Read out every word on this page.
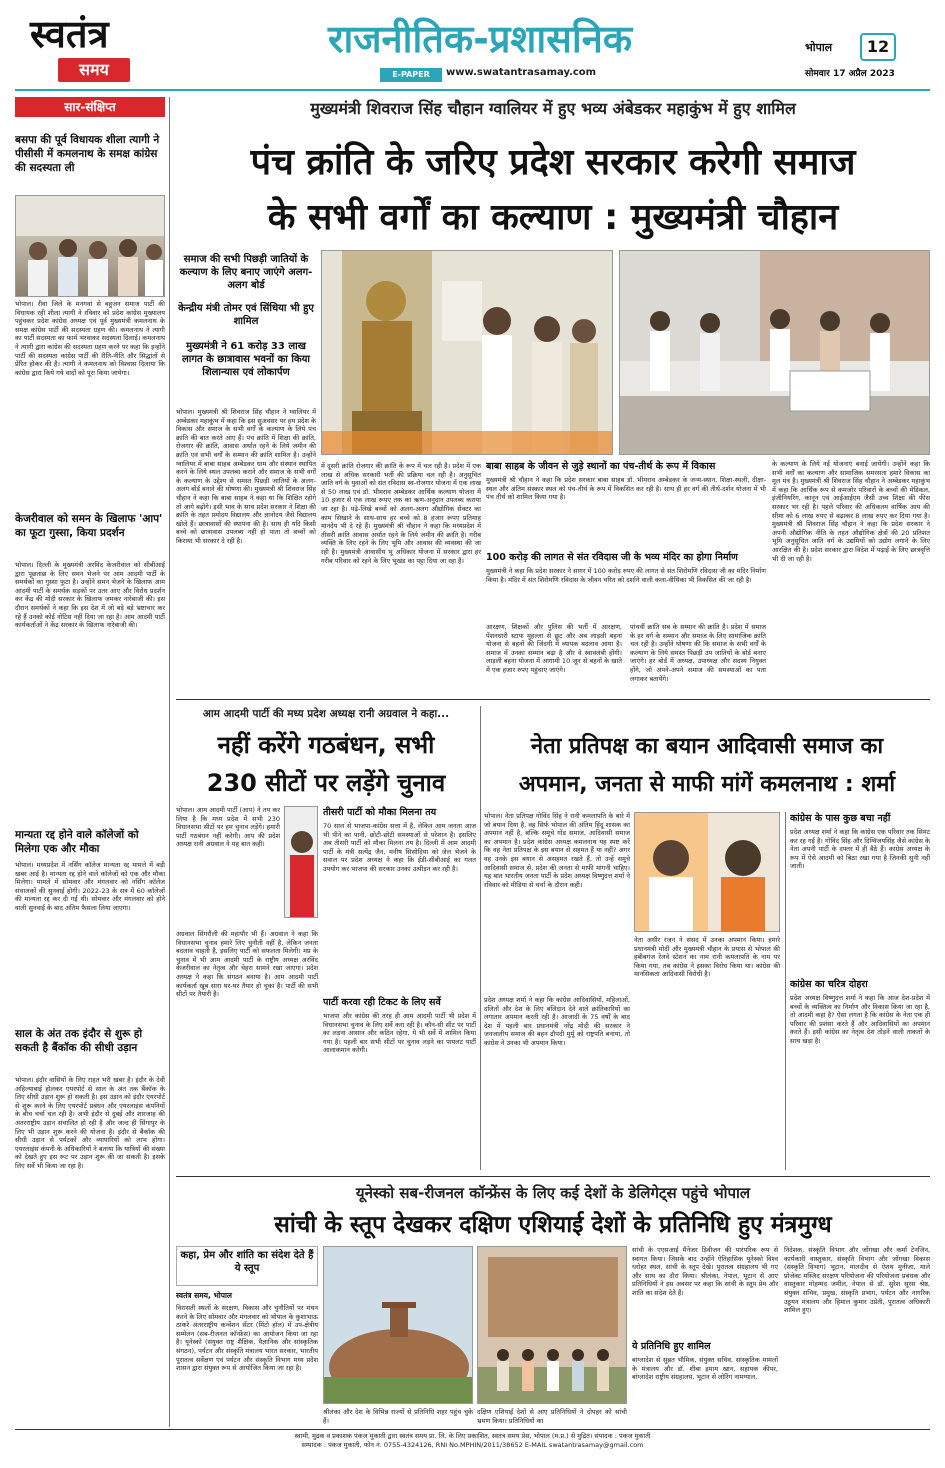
स्वतंत्र
समय
राजनीतिक-प्रशासनिक
E-PAPER	www.swatantrasamay.com
भोपाल	12
सोमवार 17 अप्रैल 2023
सार-संक्षिप्त
बसपा की पूर्व विधायक शीला त्यागी ने पीसीसी में कमलनाथ के समक्ष कांग्रेस की सदस्यता ली
भोपाल। रीवा जिले के मनगवां से बहुजन समाज पार्टी की विधायक रही शीला त्यागी ने रविवार को प्रदेश कांग्रेस मुख्यालय पहुंचकर प्रदेश कांग्रेस अध्यक्ष एवं पूर्व मुख्यमंत्री कमलनाथ के समक्ष कांग्रेस पार्टी की सदस्यता ग्रहण की। कमलनाथ ने त्यागी का पार्टी सदस्यता का फार्म भरवाकर सदस्यता दिलाई। कमलनाथ ने त्यागी द्वारा कांग्रेस की सदस्यता ग्रहण करने पर कहा कि इन्होंने पार्टी की सदस्यता कांग्रेस पार्टी की रीति-नीति और सिद्धांतों से प्रेरित होकर की है। त्यागी ने कमलनाथ को विश्वास दिलाया कि कांग्रेस द्वारा किये गये वादों को पूरा किया जायेगा।
केजरीवाल को समन के खिलाफ 'आप' का फूटा गुस्सा, किया प्रदर्शन
भोपाल। दिल्ली के मुख्यमंत्री अरविंद केजरीवाल को सीबीआई द्वारा पूछताछ के लिए समन भेजने पर आम आदमी पार्टी के समर्थकों का गुस्सा फूटा है। उन्होंने समन भेजने के खिलाफ आम आदमी पार्टी के समर्थक सड़कों पर उतर आए और विरोध प्रदर्शन कर केंद्र की मोदी सरकार के खिलाफ जमकर नारेबाजी की। इस दौरान समर्थकों ने कहा कि इस देश में जो बड़े बड़े भ्रष्टाचार कर रहे हैं उनको कोई नोटिस नहीं दिया जा रहा है। आम आदमी पार्टी कार्यकर्ताओं ने केंद्र सरकार के खिलाफ नारेबाजी की।
मान्यता रद्द होने वाले कॉलेजों को मिलेगा एक और मौका
भोपाल। मध्यप्रदेश में नर्सिंग कॉलेज मान्यता रद्द मामले में बड़ी खबर आई है। मान्यता रद्द होने वाले कॉलेजों को एक और मौका मिलेगा। मामले में सोमवार और मंगलवार को नर्सिंग कॉलेज संचालकों की सुनवाई होगी। 2022-23 के सत्र में 60 कॉलेजों की मान्यता रद्द कर दी गई थी। सोमवार और मंगलवार को होने वाली सुनवाई के बाद अंतिम फैसला लिया जाएगा।
साल के अंत तक इंदौर से शुरू हो सकती है बैंकॉक की सीधी उड़ान
भोपाल। इंदौर वासियों के लिए राहत भरी खबर है। इंदौर के देवी अहिल्याबाई होलकर एयरपोर्ट से साल के अंत तक बैंकॉक के लिए सीधी उड़ान शुरू हो सकती है। इस उड़ान को इंदौर एयरपोर्ट से शुरू करने के लिए एयरपोर्ट प्रबंधन और एयरलाइंस कंपनियों के बीच चर्चा चल रही है। अभी इंदौर से दुबई और शारजाह की अंतरराष्ट्रीय उड़ान संचालित हो रही है और जल्द ही सिंगापुर के लिए भी उड़ान शुरू करने की योजना है। इंदौर से बैंकॉक की सीधी उड़ान से पर्यटकों और व्यापारियों को लाभ होगा। एयरलाइंस कंपनी के अधिकारियों ने बताया कि यात्रियों की संख्या को देखते हुए इस रूट पर उड़ान शुरू की जा सकती है। इसके लिए सर्वे भी किया जा रहा है।
मुख्यमंत्री शिवराज सिंह चौहान ग्वालियर में हुए भव्य अंबेडकर महाकुंभ में हुए शामिल
पंच क्रांति के जरिए प्रदेश सरकार करेगी समाज
के सभी वर्गों का कल्याण : मुख्यमंत्री चौहान
समाज की सभी पिछड़ी जातियों के कल्याण के लिए बनाए जाएंगे अलग-अलग बोर्ड
केन्द्रीय मंत्री तोमर एवं सिंधिया भी हुए शामिल
मुख्यमंत्री ने 61 करोड़ 33 लाख लागत के छात्रावास भवनों का किया शिलान्यास एवं लोकार्पण
भोपाल। मुख्यमंत्री श्री शिवराज सिंह चौहान ने ग्वालियर में अम्बेडकर महाकुंभ में कहा कि इस सुअवसर पर हम प्रदेश के विकास और समाज के सभी वर्गों के कल्याण के लिये पंच क्रांति की बात करते आए हैं। पंच क्रांति में शिक्षा की क्रांति, रोजगार की क्रांति, आवास अर्थात रहने के लिये जमीन की क्रांति एवं सभी वर्गों के सम्मान की क्रांति शामिल है। उन्होंने ग्वालियर में बाबा साहब अम्बेडकर धाम और संस्थान स्थापित करने के लिये स्थल उपलब्ध कराने और समाज के सभी वर्गों के कल्याण के उद्देश्य से समस्त पिछड़ी जातियों के अलग-अलग बोर्ड बनाने की घोषणा की। मुख्यमंत्री श्री शिवराज सिंह चौहान ने कहा कि बाबा साहब ने कहा था कि शिक्षित रहोगे तो आगे बढ़ोगे। इसी भाव के साथ प्रदेश सरकार ने शिक्षा की क्रांति के तहत प्रमोदय विद्यालय और ज्ञानोदय जैसे विद्यालय खोले हैं। छात्रावासों की स्थापना की है। साथ ही यदि किसी बच्चे को छात्रावास उपलब्ध नहीं हो पाता तो बच्चों को किराया भी सरकार दे रही है।
में दूसरी क्रांति रोजगार की क्रांति के रूप में चल रही है। प्रदेश में एक लाख से अधिक सरकारी भर्ती की प्रक्रिया चल रही है। अनुसूचित जाति वर्ग के युवाओं को संत रविदास स्व-रोजगार योजना में एक लाख से 50 लाख एवं डॉ. भीमराव अम्बेडकर आर्थिक कल्याण योजना में 10 हजार से एक लाख रूपए तक का ऋण-अनुदान उपलब्ध कराया जा रहा है। पढ़े-लिखे बच्चों को अलग-अलग औद्योगिक सेक्टर का काम सिखाने के साथ-साथ हर बच्चे को 8 हजार रूपए प्रतिमाह मानदेय भी दे रहे हैं। मुख्यमंत्री श्री चौहान ने कहा कि मध्यप्रदेश में तीसरी क्रांति आवास अर्थात रहने के लिये जमीन की क्रांति है। गरीब व्यक्ति के लिए रहने के लिए भूमि और आवास की व्यवस्था की जा रही है। मुख्यमंत्री आवासीय भू अधिकार योजना में सरकार द्वारा हर गरीब परिवार को रहने के लिए भूखंड का पट्टा दिया जा रहा है।
बाबा साहब के जीवन से जुड़े स्थानों का पंच-तीर्थ के रूप में विकास
मुख्यमंत्री श्री चौहान ने कहा कि प्रदेश सरकार बाबा साहब डॉ. भीमराव अम्बेडकर के जन्म-स्थान, शिक्षा-स्थली, दीक्षा-स्थल और अंतिम संस्कार स्थल को पंच-तीर्थ के रूप में विकसित कर रही है। साथ ही हर वर्ग की तीर्थ-दर्शन योजना में भी पंच तीर्थ को शामिल किया गया है।
100 करोड़ की लागत से संत रविदास जी के भव्य मंदिर का होगा निर्माण
मुख्यमंत्री ने कहा कि प्रदेश सरकार ने सागर में 100 करोड़ रुपए की लागत से संत शिरोमणि रविदास जी का मंदिर निर्माण किया है। मंदिर में संत शिरोमणि रविदास के जीवन चरित को दर्शाने वाली कला-वीथिका भी विकसित की जा रही है।
आरक्षण, शिक्षकों और पुलिस की भर्ती में आरक्षण, पेंशनधारी स्टाफ मुहल्ला से छूट और अब लाड़ली बहना योजना से बहनों की जिंदगी में व्यापक बदलाव आया है। समाज में उनका सम्मान बढ़ा है और वे स्वावलंबी होंगी। लाड़ली बहना योजना में आगामी 10 जून से बहनों के खाते में एक हजार रुपए पहुंचाए जाएंगे।
पांचवीं क्रांति सब के सम्मान की क्रांति है। प्रदेश में समाज के हर वर्ग के सम्मान और समाज के लिए सामाजिक क्रांति चल रही है। उन्होंने घोषणा की कि समाज के सभी वर्गों के कल्याण के लिये समस्त पिछड़ी उप जातियों के बोर्ड बनाए जाएंगे। हर बोर्ड में अध्यक्ष, उपाध्यक्ष और सदस्य नियुक्त होंगे, जो अपने-अपने समाज की समस्याओं का पता लगाकर बतायेंगे।
के कल्याण के लिये नई योजनाएं बनाई जायेंगी। उन्होंने कहा कि सभी वर्गों का कल्याण और सामाजिक समरसता हमारे विकास का मूल मंत्र है। मुख्यमंत्री श्री शिवराज सिंह चौहान ने अम्बेडकर महाकुंभ में कहा कि आर्थिक रूप से कमजोर परिवारों के बच्चों की मेडिकल, इंजीनियरिंग, कानून एवं आईआईएम जैसी उच्च शिक्षा की फीस सरकार भर रही है। पहले परिवार की अधिकतम वार्षिक आय की सीमा को 6 लाख रुपए से बढ़ाकर 8 लाख रुपए कर दिया गया है। मुख्यमंत्री श्री शिवराज सिंह चौहान ने कहा कि प्रदेश सरकार ने अपनी औद्योगिक नीति के तहत औद्योगिक क्षेत्रों की 20 प्रतिशत भूमि अनुसूचित जाति वर्ग के उद्यमियों को उद्योग लगाने के लिए आरक्षित की है। प्रदेश सरकार द्वारा विदेश में पढ़ाई के लिए छात्रवृत्ति भी दी जा रही है।
आम आदमी पार्टी की मध्य प्रदेश अध्यक्ष रानी अग्रवाल ने कहा...
नहीं करेंगे गठबंधन, सभी
230 सीटों पर लड़ेंगे चुनाव
भोपाल। आम आदमी पार्टी (आप) ने तय कर लिया है कि मध्य प्रदेश में सभी 230 विधानसभा सीटों पर हम चुनाव लड़ेंगे। हमारी पार्टी गठबंधन नहीं करेगी। आप की प्रदेश अध्यक्ष रानी अग्रवाल ने यह बात कही।
अग्रवाल सिंगरौली की महापौर भी हैं। अग्रवाल ने कहा कि विधानसभा चुनाव हमारे लिए चुनौती नहीं है, लेकिन जनता बदलाव चाहती है, इसलिए पार्टी को सफलता मिलेगी। मप्र के चुनाव में भी आम आदमी पार्टी के राष्ट्रीय अध्यक्ष अरविंद केजरीवाल का नेतृत्व और चेहरा सामने रखा जाएगा। प्रदेश अध्यक्ष ने कहा कि संगठन बनाया है। आम आदमी पार्टी कार्यकर्ता खूब सारा घर-घर तैयार हो चुका है। पार्टी की सभी सीटों पर तैयारी है।
तीसरी पार्टी को मौका मिलना तय
70 साल से भाजपा-कांग्रेस सत्ता में है, लेकिन आम जनता आज भी पीने का पानी, छोटी-छोटी समस्याओं से परेशान है। इसलिए अब तीसरी पार्टी को मौका मिलना तय है। दिल्ली में आम आदमी पार्टी के मंत्री सत्येंद्र जैन, मनीष सिसोदिया को जेल भेजने के सवाल पर प्रदेश अध्यक्ष ने कहा कि ईडी-सीबीआई का गलत उपयोग कर भाजपा की सरकार उनका उत्पीड़न कर रही है।
पार्टी करवा रही टिकट के लिए सर्वे
भाजपा और कांग्रेस की तरह ही आम आदमी पार्टी भी प्रदेश में विधानसभा चुनाव के लिए सर्वे करा रही है। कौन-सी सीट पर पार्टी का लड़ना आसान और कठिन रहेगा, ये भी सर्वे में शामिल किया गया है। पहली बार सभी सीटों पर चुनाव लड़ने का पायलट पार्टी आलाकमान करेगी।
नेता प्रतिपक्ष का बयान आदिवासी समाज का
अपमान, जनता से माफी मांगें कमलनाथ : शर्मा
भोपाल। नेता प्रतिपक्ष गोविंद सिंह ने रानी कमलापति के बारे में जो बयान दिया है, वह सिर्फ भोपाल की अंतिम हिंदू शासक का अपमान नहीं है, बल्कि समूचे गोंड समाज, आदिवासी समाज का अपमान है। प्रदेश कांग्रेस अध्यक्ष कमलनाथ यह स्पष्ट करें कि वह नेता प्रतिपक्ष के इस बयान से सहमत हैं या नहीं? अगर वह उनके इस बयान से असहमत रखते हैं, तो उन्हें समूचे आदिवासी समाज से, प्रदेश की जनता से माफी मांगनी चाहिए। यह बात भारतीय जनता पार्टी के प्रदेश अध्यक्ष विष्णुदत्त शर्मा ने रविवार को मीडिया से चर्चा के दौरान कही।
नेता अधीर रंजन ने संसद में उनका अपमान किया। हमारे प्रधानमंत्री मोदी और मुख्यमंत्री चौहान के प्रयास से भोपाल की हबीबगंज रेलवे स्टेशन का नाम रानी कमलापति के नाम पर किया गया, तब कांग्रेस ने इसका विरोध किया था। कांग्रेस की मानसिकता आदिवासी विरोधी है।
प्रदेश अध्यक्ष शर्मा ने कहा कि कांग्रेस आदिवासियों, महिलाओं, दलितों और देश के लिए बलिदान देने वाले क्रांतिकारियों का लगातार अपमान करती रही है। आजादी के 75 वर्षों के बाद देश में पहली बार प्रधानमंत्री नरेंद्र मोदी की सरकार ने जनजातीय समाज की बहन द्रौपदी मुर्मू को राष्ट्रपति बनाया, तो कांग्रेस ने उनका भी अपमान किया।
कांग्रेस के पास कुछ बचा नहीं
प्रदेश अध्यक्ष शर्मा ने कहा कि कांग्रेस एक परिवार तक सिमट कर रह गई है। गोविंद सिंह और दिग्विजयसिंह जैसे कांग्रेस के नेता अपनी पार्टी के दफ्तर में ही बैठे हैं। कांग्रेस अध्यक्ष के रूप में ऐसे आदमी को बिठा रखा गया है जिनकी सुनी नहीं जाती।
कांग्रेस का चरित्र दोहरा
प्रदेश अध्यक्ष विष्णुदत्त शर्मा ने कहा कि आज देश-प्रदेश में बच्चों के व्यक्तित्व का निर्माण और विकास किया जा रहा है, तो आदमी कहां है? ऐसा लगता है कि कांग्रेस के नेता एक ही परिवार की प्रशंसा करते हैं और आदिवासियों का अपमान करते हैं। इसी कांग्रेस का नेतृत्व देश तोड़ने वाली ताकतों के साथ खड़ा है।
यूनेस्को सब-रीजनल कॉन्फ्रेंस के लिए कई देशों के डेलिगेट्स पहुंचे भोपाल
सांची के स्तूप देखकर दक्षिण एशियाई देशों के प्रतिनिधि हुए मंत्रमुग्ध
कहा, प्रेम और शांति का संदेश देते हैं ये स्तूप
स्वतंत्र समय, भोपाल
विरासती स्थलों के संरक्षण, विकास और चुनौतियों पर मंथन करने के लिए सोमवार और मंगलवार को भोपाल के कुशाभाऊ ठाकरे अंतरराष्ट्रीय कन्वेंशन सेंटर (मिंटो हॉल) में उप-क्षेत्रीय सम्मेलन (सब-रीजनल कॉन्फ्रेंस) का आयोजन किया जा रहा है। यूनेस्को (संयुक्त राष्ट्र शैक्षिक, वैज्ञानिक और सांस्कृतिक संगठन), पर्यटन और संस्कृति मंत्रालय भारत सरकार, भारतीय पुरातत्व सर्वेक्षण एवं पर्यटन और संस्कृति विभाग मध्य प्रदेश शासन द्वारा संयुक्त रूप से आयोजित किया जा रहा है।
श्रीलंका और देश के विभिन्न राज्यों से प्रतिनिधि शहर पहुंच चुके हैं।
दक्षिण एशियाई देशों से आए प्रतिनिधियों ने दोपहर को सांची भ्रमण किया। प्रतिनिधियों का
सांची के एएसआई मैनेजर डिवीजन की पारंपरिक रूप से स्वागत किया। जिसके बाद उन्होंने ऐतिहासिक यूनेस्को विश्व धरोहर स्थल, सांची के स्तूप देखे। पुरातत्व संग्रहालय भी गए और साथ का दौरा किया। श्रीलंका, नेपाल, भूटान से आए प्रतिनिधियों ने इस अवसर पर कहा कि सांची के स्तूप प्रेम और शांति का संदेश देते हैं।
ये प्रतिनिधि हुए शामिल
बांग्लादेश से सुब्रत भौमिक, संयुक्त सचिव, सांस्कृतिक मामलों के मंत्रालय और डॉ. शीबा इमाम खान, सहायक कीपर, बांग्लादेश राष्ट्रीय संग्रहालय, भूटान से लोरिंग नामग्याल,
निदेशक, संस्कृति विभाग और जोंगखा और कर्मा टेनजिन, कार्यकारी वास्तुकार, संस्कृति विभाग और जोंगखा विकास (संस्कृति विभाग) भूटान, मालदीव से ऐशथ मुनीजा, माले प्रोजेक्ट मस्जिद संरक्षण परियोजना की परियोजना प्रबंधक और वास्तुकार मोहम्मद जमील, नेपाल से डॉ. सुरेश सूरस श्रेष्ठ, संयुक्त सचिव, प्रमुख, संस्कृति प्रभाग, पर्यटन और नागरिक उड्डयन मंत्रालय और हिमाल कुमार उप्रेती, पुरातत्व अधिकारी शामिल हुए।
स्वामी, मुद्रक व प्रकाशक पंकज मुकाती द्वारा स्वतंत्र समय प्रा. लि. के लिए प्रकाशित, स्वतंत्र समय प्रेस, भोपाल (म.प्र.) से मुद्रित। संपादक : पंकज मुकाती
सम्पादक : पंकज मुकाती, फोन नं. 0755-4324126, RNI No.MPHIN/2011/38652 E-MAIL swatantrasamay@gmail.com
